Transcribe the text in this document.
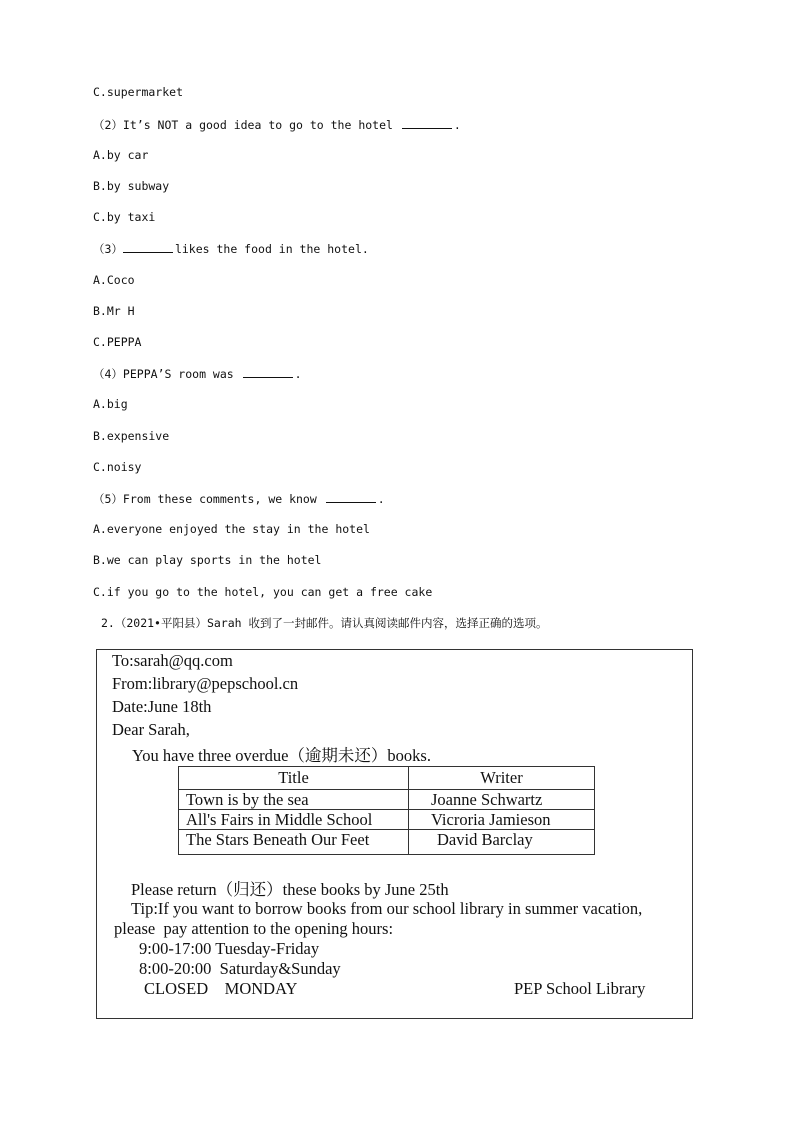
C.supermarket
（2）It’s NOT a good idea to go to the hotel	.
A.by car
B.by subway
C.by taxi
（3）	likes the food in the hotel.
A.Coco
B.Mr H
C.PEPPA
（4）PEPPA’S room was	.
A.big
B.expensive
C.noisy
（5）From these comments, we know	.
A.everyone enjoyed the stay in the hotel
B.we can play sports in the hotel
C.if you go to the hotel, you can get a free cake
2.（2021•平阳县）Sarah 收到了一封邮件。请认真阅读邮件内容，选择正确的选项。
To:sarah@qq.com
From:library@pepschool.cn
Date:June 18th
Dear Sarah,
You have three overdue（逾期未还）books.
Please return（归还）these books by June 25th
Tip:If you want to borrow books from our school library in summer vacation,
please  pay attention to the opening hours:
9:00-17:00 Tuesday-Friday
8:00-20:00  Saturday&Sunday
CLOSED    MONDAY	PEP School Library
Title	Writer
Town is by the sea	Joanne Schwartz
All's Fairs in Middle School	Vicroria Jamieson
The Stars Beneath Our Feet	David Barclay
